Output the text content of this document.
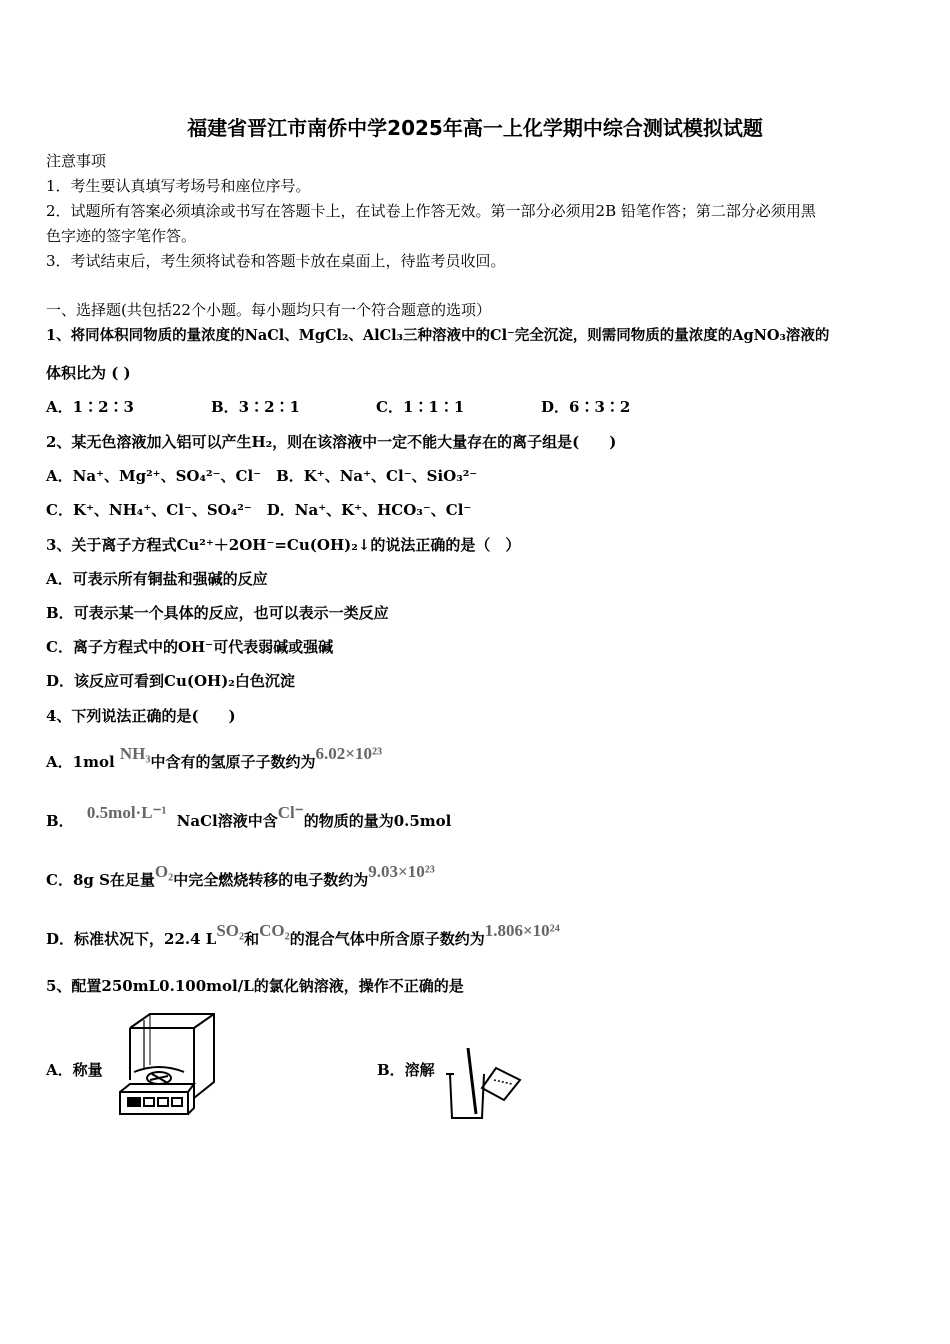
福建省晋江市南侨中学2025年高一上化学期中综合测试模拟试题
注意事项
1．考生要认真填写考场号和座位序号。
2．试题所有答案必须填涂或书写在答题卡上，在试卷上作答无效。第一部分必须用2B 铅笔作答；第二部分必须用黑
色字迹的签字笔作答。
3．考试结束后，考生须将试卷和答题卡放在桌面上，待监考员收回。
一、选择题(共包括22个小题。每小题均只有一个符合题意的选项）
1、将同体积同物质的量浓度的NaCl、MgCl₂、AlCl₃三种溶液中的Cl⁻完全沉淀，则需同物质的量浓度的AgNO₃溶液的
体积比为 ( )
A．1∶2∶3	B．3∶2∶1	C．1∶1∶1	D．6∶3∶2
2、某无色溶液加入铝可以产生H₂，则在该溶液中一定不能大量存在的离子组是(　　)
A．Na⁺、Mg²⁺、SO₄²⁻、Cl⁻　B．K⁺、Na⁺、Cl⁻、SiO₃²⁻
C．K⁺、NH₄⁺、Cl⁻、SO₄²⁻　D．Na⁺、K⁺、HCO₃⁻、Cl⁻
3、关于离子方程式Cu²⁺＋2OH⁻=Cu(OH)₂↓的说法正确的是（　）
A．可表示所有铜盐和强碱的反应
B．可表示某一个具体的反应，也可以表示一类反应
C．离子方程式中的OH⁻可代表弱碱或强碱
D．该反应可看到Cu(OH)₂白色沉淀
4、下列说法正确的是(　　)
A．1mol NH₃中含有的氢原子子数约为6.02×10²³
B． 0.5mol·L⁻¹ NaCl溶液中含Cl⁻的物质的量为0.5mol
C．8g S在足量O₂中完全燃烧转移的电子数约为9.03×10²³
D．标准状况下，22.4 LSO₂和CO₂的混合气体中所含原子数约为1.806×10²⁴
5、配置250mL0.100mol/L的氯化钠溶液，操作不正确的是
A．称量	B．溶解
